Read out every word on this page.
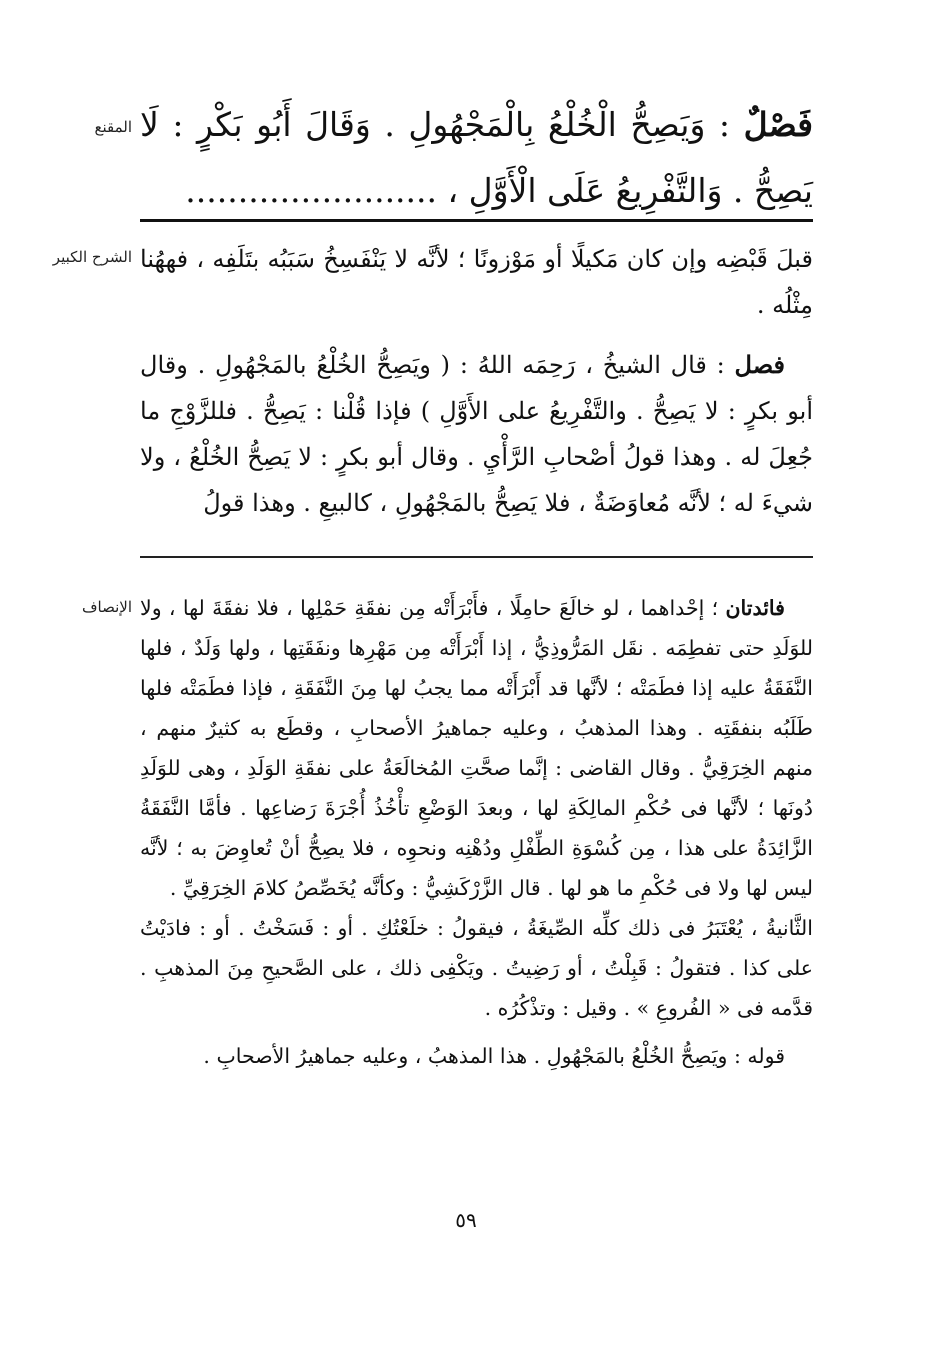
المقنع	فَصْلٌ : وَيَصِحُّ الْخُلْعُ بِالْمَجْهُولِ . وَقَالَ أَبُو بَكْرٍ : لَا يَصِحُّ . وَالتَّفْرِيعُ عَلَى الْأَوَّلِ ، ........................

الشرح الكبير قبلَ قَبْضِه وإن كان مَكيلًا أو مَوْزونًا ؛ لأنَّه لا يَنْفَسِخُ سَبَبُه بتَلَفِه ، فههُنا مِثْلُه .

فصل : قال الشيخُ ، رَحِمَه اللهُ : ( ويَصِحُّ الخُلْعُ بالمَجْهُولِ . وقال أبو بكرٍ : لا يَصِحُّ . والتَّفْرِيعُ على الأَوَّلِ ) فإذا قُلْنا : يَصِحُّ . فللزَّوْجِ ما جُعِلَ له . وهذا قولُ أصْحابِ الرَّأْيِ . وقال أبو بكرٍ : لا يَصِحُّ الخُلْعُ ، ولا شيءَ له ؛ لأنَّه مُعاوَضَةٌ ، فلا يَصِحُّ بالمَجْهُولِ ، كالبيعِ . وهذا قولُ

الإنصاف	فائدتان ؛ إحْداهما ، لو خالَعَ حامِلًا ، فأَبْرَأَتْه مِن نفقَةِ حَمْلِها ، فلا نفقَةَ لها ، ولا للوَلَدِ حتى تفطِمَه . نقَل المَرُّوذِيُّ ، إذا أَبْرَأَتْه مِن مَهْرِها ونفَقَتِها ، ولها وَلَدٌ ، فلها النَّفَقَةُ عليه إذا فطَمَتْه ؛ لأنَّها قد أَبْرَأَتْه مما يجبُ لها مِنَ النَّفَقَةِ ، فإذا فطَمَتْه فلها طَلَبُه بنفقَتِه . وهذا المذهبُ ، وعليه جماهيرُ الأصحابِ ، وقطَع به كثيرٌ منهم ، منهم الخِرَقِيُّ . وقال القاضى : إنَّما صحَّتِ المُخالَعَةُ على نفقَةِ الوَلَدِ ، وهى للوَلَدِ دُونَها ؛ لأنَّها فى حُكْمِ المالِكَةِ لها ، وبعدَ الوَضْعِ تأْخُذُ أُجْرَةَ رَضاعِها . فأمَّا النَّفَقَةُ الزَّائِدَةُ على هذا ، مِن كُسْوَةِ الطِّفْلِ ودُهْنِه ونحوِه ، فلا يصِحُّ أنْ تُعاوِضَ به ؛ لأنَّه ليس لها ولا فى حُكْمِ ما هو لها . قال الزَّرْكَشِيُّ : وكأنَّه يُخَصِّصُ كلامَ الخِرَقِيِّ .

الثَّانيةُ ، يُعْتَبَرُ فى ذلك كلِّه الصِّيغَةُ ، فيقولُ : خلَعْتُكِ . أو : فَسَخْتُ . أو : فادَيْتُ على كذا . فتقولُ : قَبِلْتُ ، أو رَضِيتُ . ويَكْفِى ذلك ، على الصَّحيحِ مِنَ المذهبِ . قدَّمه فى « الفُروعِ » . وقيل : وتذْكُرُه .

قوله : ويَصِحُّ الخُلْعُ بالمَجْهُولِ . هذا المذهبُ ، وعليه جماهيرُ الأصحابِ .

٥٩
